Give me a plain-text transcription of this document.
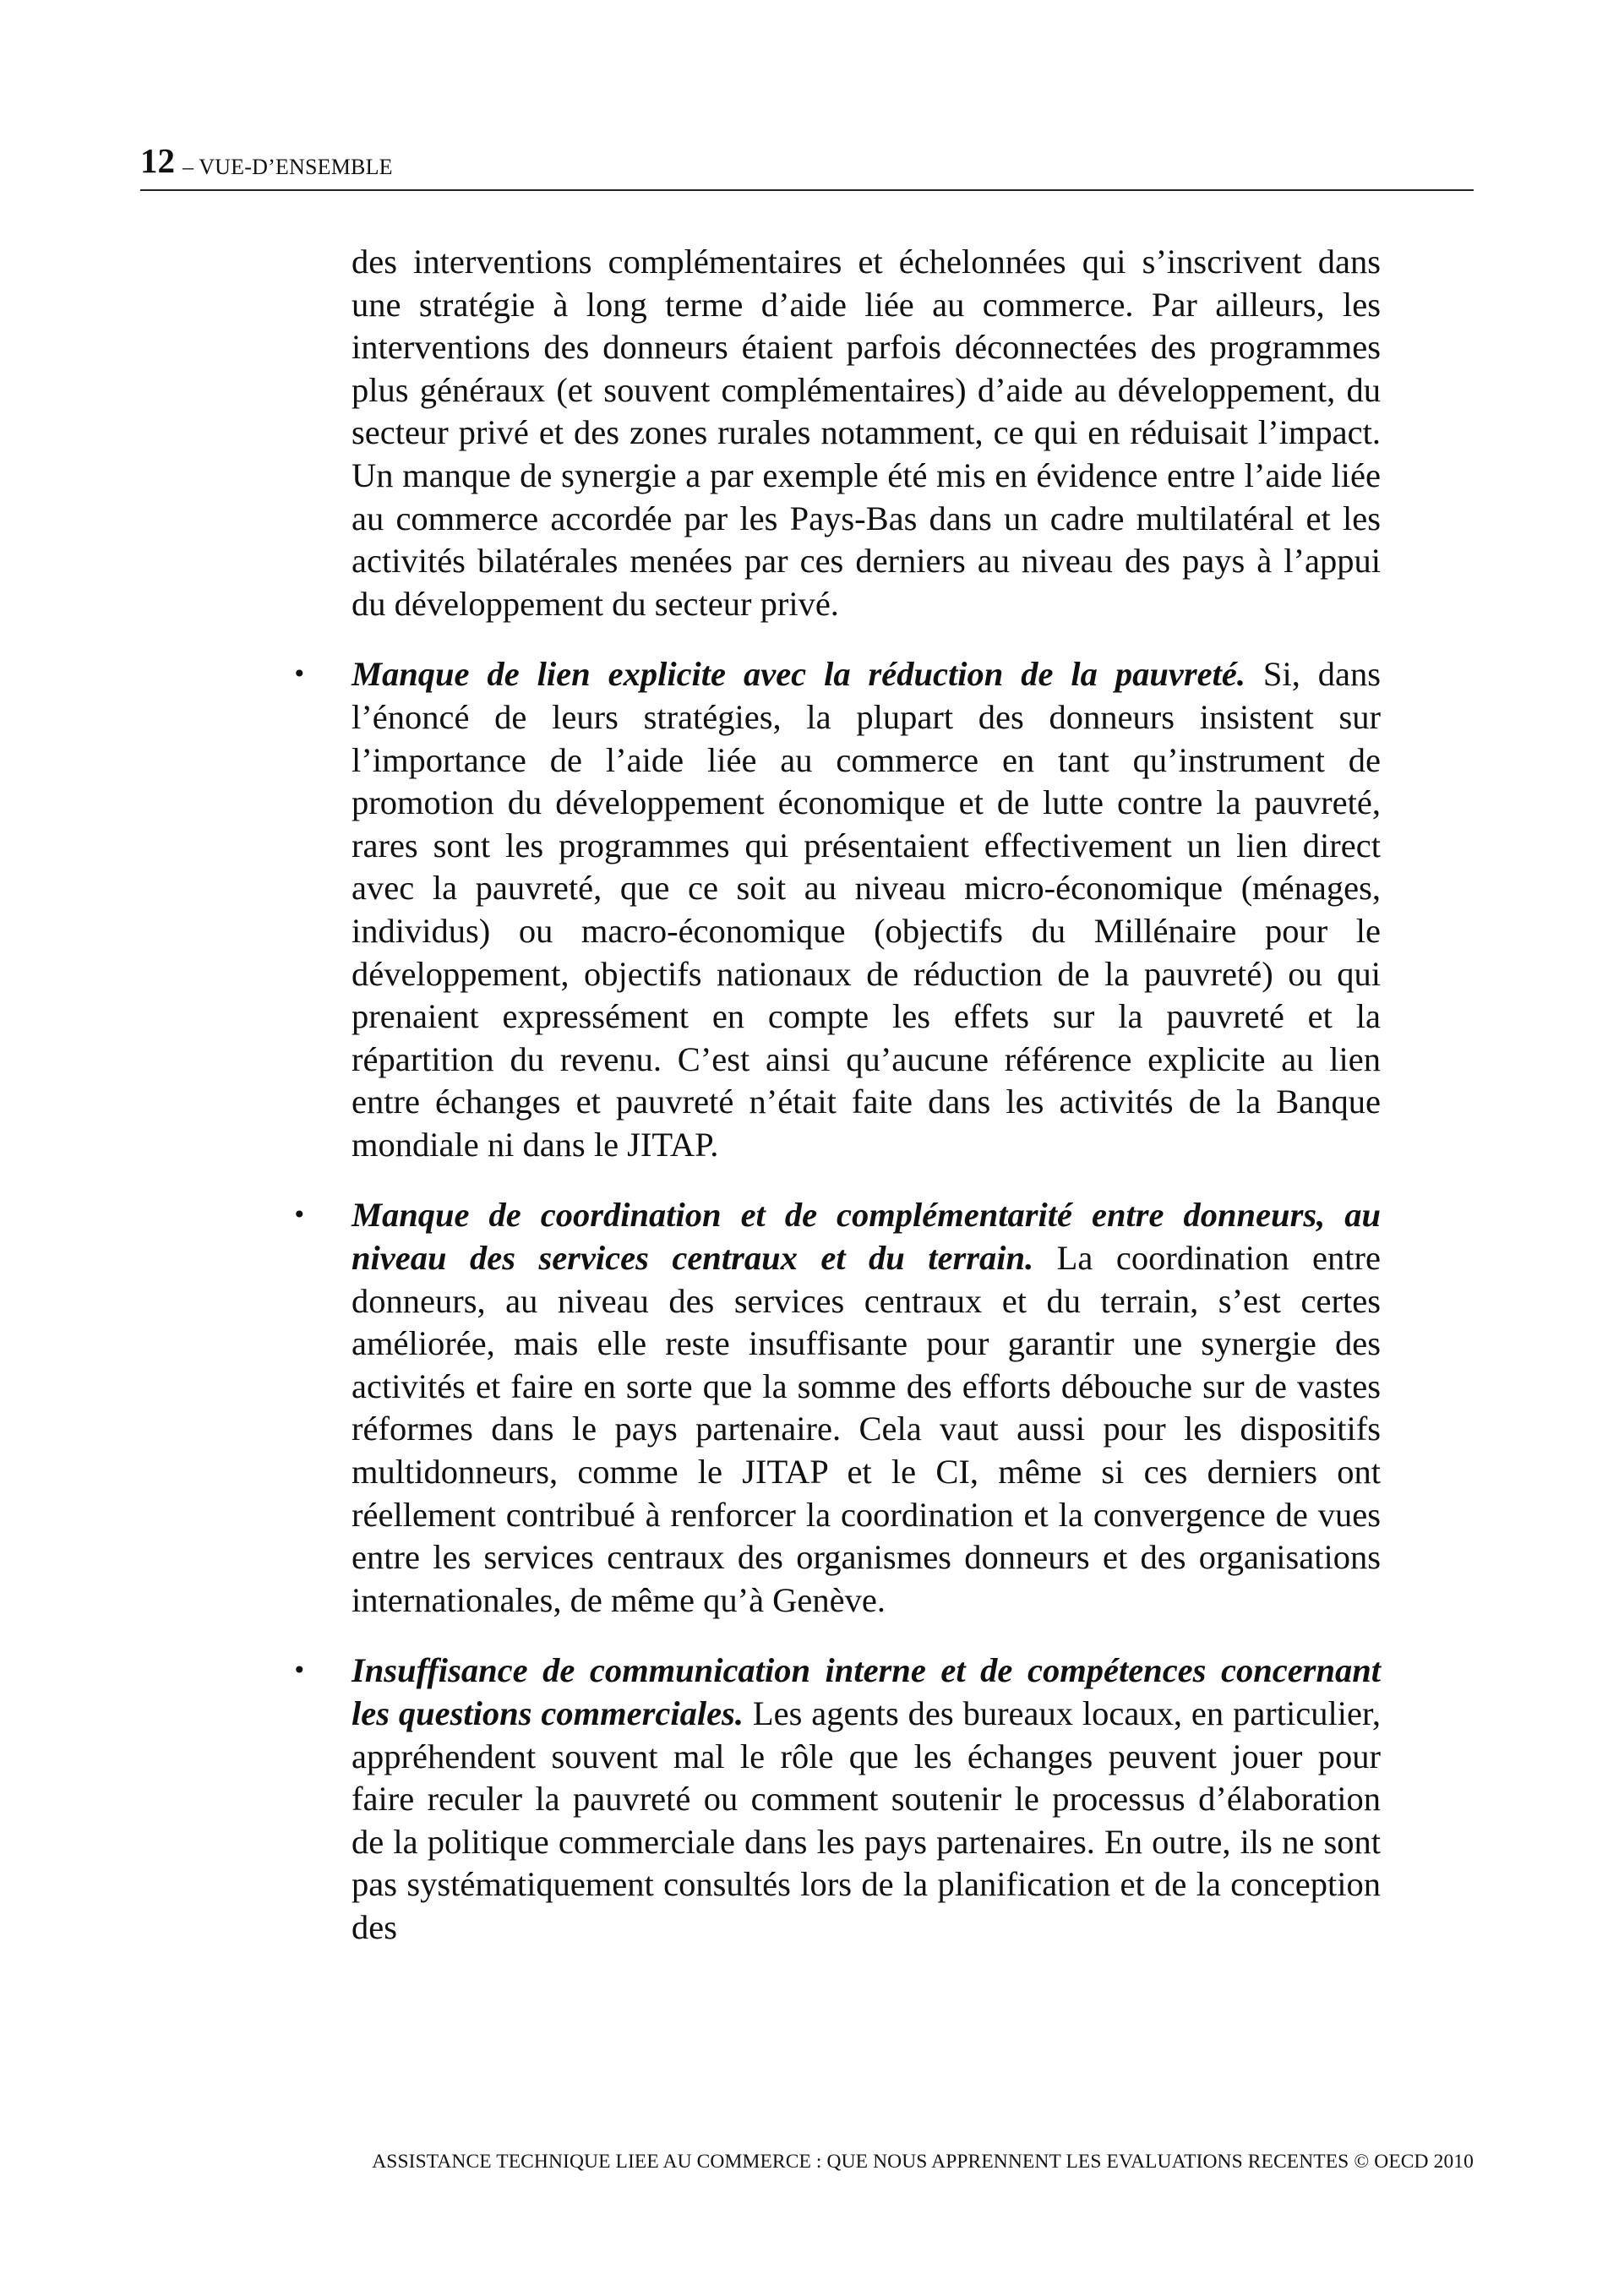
12 – VUE-D’ENSEMBLE

des interventions complémentaires et échelonnées qui s’inscrivent dans une stratégie à long terme d’aide liée au commerce. Par ailleurs, les interventions des donneurs étaient parfois déconnectées des programmes plus généraux (et souvent complémentaires) d’aide au développement, du secteur privé et des zones rurales notamment, ce qui en réduisait l’impact. Un manque de synergie a par exemple été mis en évidence entre l’aide liée au commerce accordée par les Pays-Bas dans un cadre multilatéral et les activités bilatérales menées par ces derniers au niveau des pays à l’appui du développement du secteur privé.

• Manque de lien explicite avec la réduction de la pauvreté. Si, dans l’énoncé de leurs stratégies, la plupart des donneurs insistent sur l’importance de l’aide liée au commerce en tant qu’instrument de promotion du développement économique et de lutte contre la pauvreté, rares sont les programmes qui présentaient effectivement un lien direct avec la pauvreté, que ce soit au niveau micro-économique (ménages, individus) ou macro-économique (objectifs du Millénaire pour le développement, objectifs nationaux de réduction de la pauvreté) ou qui prenaient expressément en compte les effets sur la pauvreté et la répartition du revenu. C’est ainsi qu’aucune référence explicite au lien entre échanges et pauvreté n’était faite dans les activités de la Banque mondiale ni dans le JITAP.

• Manque de coordination et de complémentarité entre donneurs, au niveau des services centraux et du terrain. La coordination entre donneurs, au niveau des services centraux et du terrain, s’est certes améliorée, mais elle reste insuffisante pour garantir une synergie des activités et faire en sorte que la somme des efforts débouche sur de vastes réformes dans le pays partenaire. Cela vaut aussi pour les dispositifs multidonneurs, comme le JITAP et le CI, même si ces derniers ont réellement contribué à renforcer la coordination et la convergence de vues entre les services centraux des organismes donneurs et des organisations internationales, de même qu’à Genève.

• Insuffisance de communication interne et de compétences concernant les questions commerciales. Les agents des bureaux locaux, en particulier, appréhendent souvent mal le rôle que les échanges peuvent jouer pour faire reculer la pauvreté ou comment soutenir le processus d’élaboration de la politique commerciale dans les pays partenaires. En outre, ils ne sont pas systématiquement consultés lors de la planification et de la conception des

ASSISTANCE TECHNIQUE LIEE AU COMMERCE : QUE NOUS APPRENNENT LES EVALUATIONS RECENTES © OECD 2010
